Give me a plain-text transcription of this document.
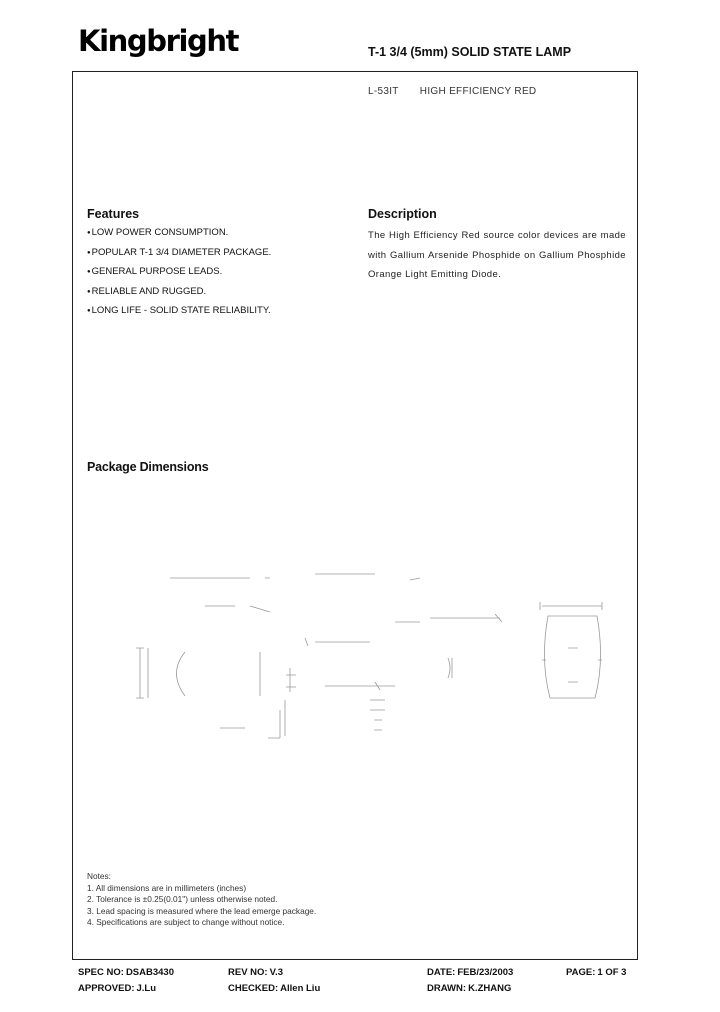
Kingbright	T-1 3/4 (5mm) SOLID STATE LAMP
L-53IT HIGH EFFICIENCY RED
Features
● LOW POWER CONSUMPTION.
● POPULAR T-1 3/4 DIAMETER PACKAGE.
● GENERAL PURPOSE LEADS.
● RELIABLE AND RUGGED.
● LONG LIFE - SOLID STATE RELIABILITY.
Description

The High Efficiency Red source color devices are made with Gallium Arsenide Phosphide on Gallium Phosphide Orange Light Emitting Diode.

Package Dimensions
Notes:
1. All dimensions are in millimeters (inches)
2. Tolerance is ±0.25(0.01") unless otherwise noted.
3. Lead spacing is measured where the lead emerge package.
4. Specifications are subject to change without notice.
SPEC NO: DSAB3430	REV NO: V.3	DATE: FEB/23/2003	PAGE: 1 OF 3
APPROVED: J.Lu	CHECKED: Allen Liu	DRAWN: K.ZHANG
